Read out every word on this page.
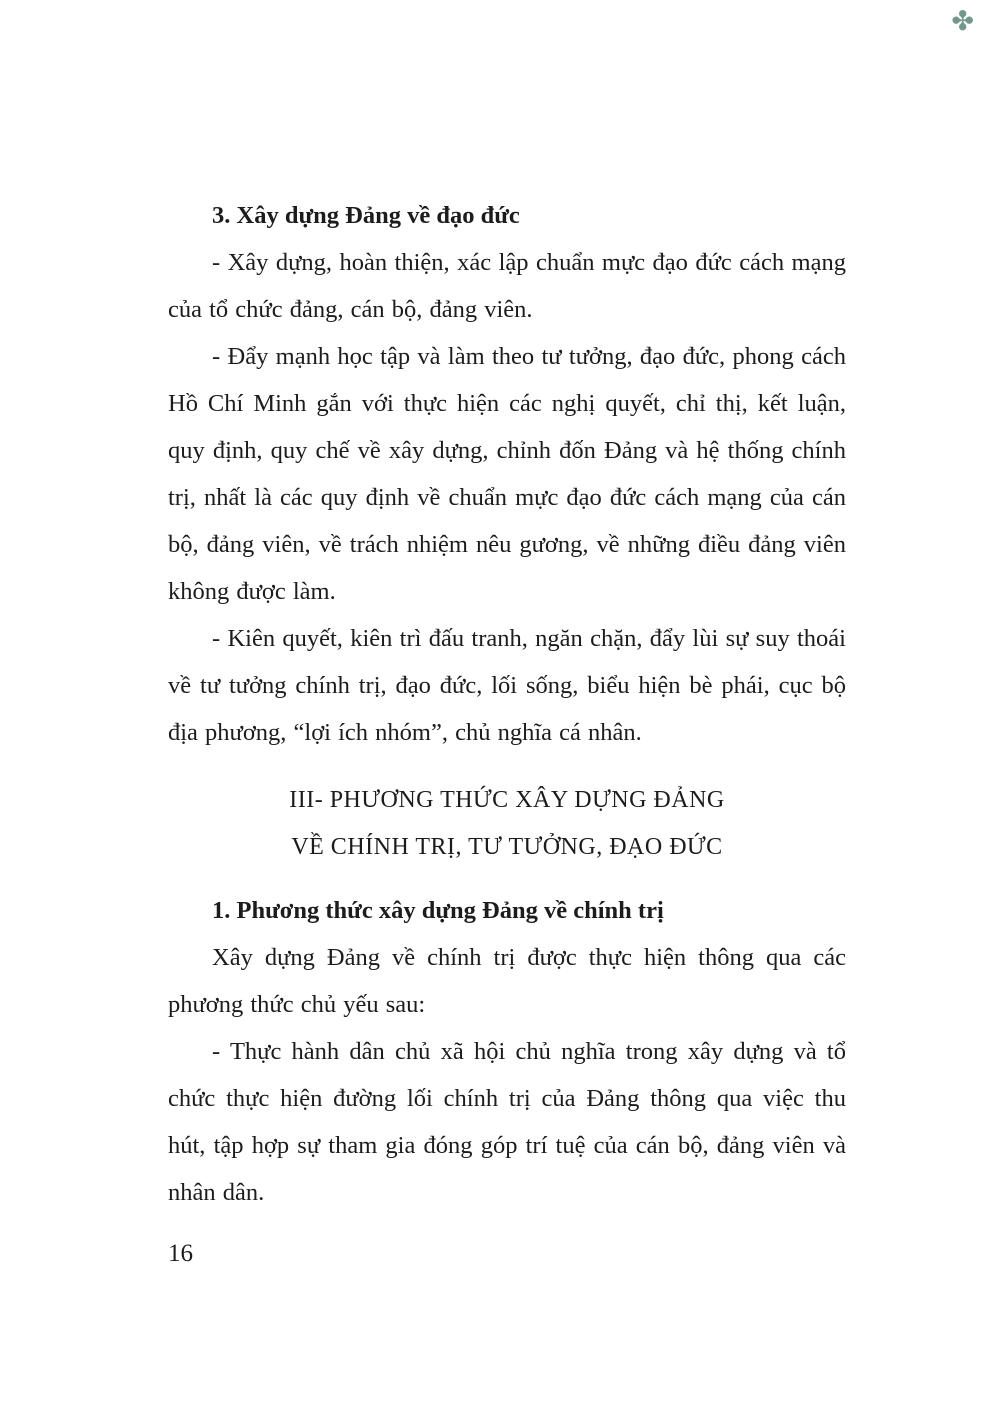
✤

3. Xây dựng Đảng về đạo đức

- Xây dựng, hoàn thiện, xác lập chuẩn mực đạo đức cách mạng của tổ chức đảng, cán bộ, đảng viên.

- Đẩy mạnh học tập và làm theo tư tưởng, đạo đức, phong cách Hồ Chí Minh gắn với thực hiện các nghị quyết, chỉ thị, kết luận, quy định, quy chế về xây dựng, chỉnh đốn Đảng và hệ thống chính trị, nhất là các quy định về chuẩn mực đạo đức cách mạng của cán bộ, đảng viên, về trách nhiệm nêu gương, về những điều đảng viên không được làm.

- Kiên quyết, kiên trì đấu tranh, ngăn chặn, đẩy lùi sự suy thoái về tư tưởng chính trị, đạo đức, lối sống, biểu hiện bè phái, cục bộ địa phương, “lợi ích nhóm”, chủ nghĩa cá nhân.

III- PHƯƠNG THỨC XÂY DỰNG ĐẢNG

VỀ CHÍNH TRỊ, TƯ TƯỞNG, ĐẠO ĐỨC

1. Phương thức xây dựng Đảng về chính trị

Xây dựng Đảng về chính trị được thực hiện thông qua các phương thức chủ yếu sau:

- Thực hành dân chủ xã hội chủ nghĩa trong xây dựng và tổ chức thực hiện đường lối chính trị của Đảng thông qua việc thu hút, tập hợp sự tham gia đóng góp trí tuệ của cán bộ, đảng viên và nhân dân.

16
